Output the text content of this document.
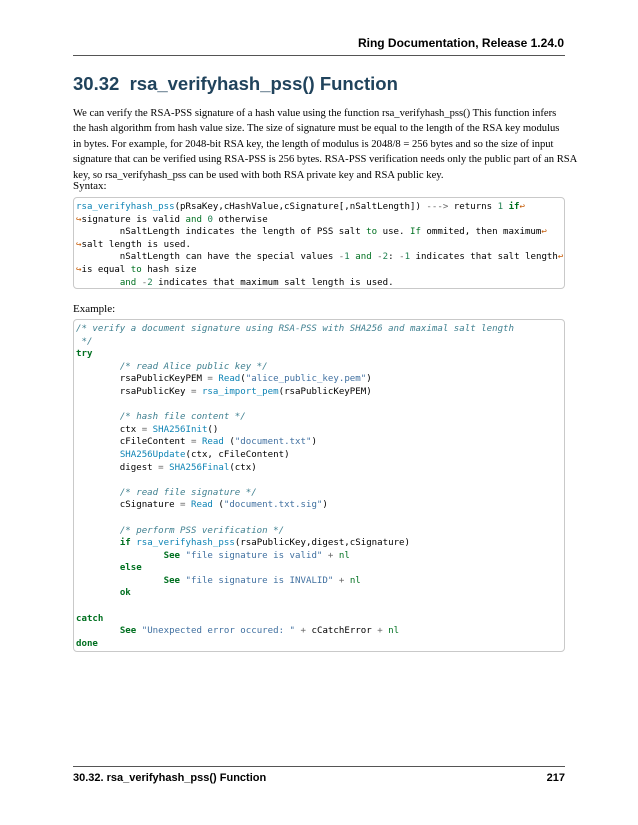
Ring Documentation, Release 1.24.0
30.32 rsa_verifyhash_pss() Function
We can verify the RSA-PSS signature of a hash value using the function rsa_verifyhash_pss() This function infers
the hash algorithm from hash value size. The size of signature must be equal to the length of the RSA key modulus
in bytes. For example, for 2048-bit RSA key, the length of modulus is 2048/8 = 256 bytes and so the size of input
signature that can be verified using RSA-PSS is 256 bytes. RSA-PSS verification needs only the public part of an RSA
key, so rsa_verifyhash_pss can be used with both RSA private key and RSA public key.
Syntax:
rsa_verifyhash_pss(pRsaKey,cHashValue,cSignature[,nSaltLength]) ---> returns 1 if↩
↪signature is valid and 0 otherwise
nSaltLength indicates the length of PSS salt to use. If ommited, then maximum↩
↪salt length is used.
nSaltLength can have the special values -1 and -2: -1 indicates that salt length↩
↪is equal to hash size
and -2 indicates that maximum salt length is used.
Example:
/* verify a document signature using RSA-PSS with SHA256 and maximal salt length
*/
try
/* read Alice public key */
rsaPublicKeyPEM = Read("alice_public_key.pem")
rsaPublicKey = rsa_import_pem(rsaPublicKeyPEM)

/* hash file content */
ctx = SHA256Init()
cFileContent = Read ("document.txt")
SHA256Update(ctx, cFileContent)
digest = SHA256Final(ctx)

/* read file signature */
cSignature = Read ("document.txt.sig")

/* perform PSS verification */
if rsa_verifyhash_pss(rsaPublicKey,digest,cSignature)
See "file signature is valid" + nl
else
See "file signature is INVALID" + nl
ok

catch
See "Unexpected error occured: " + cCatchError + nl
done
30.32. rsa_verifyhash_pss() Function	217
